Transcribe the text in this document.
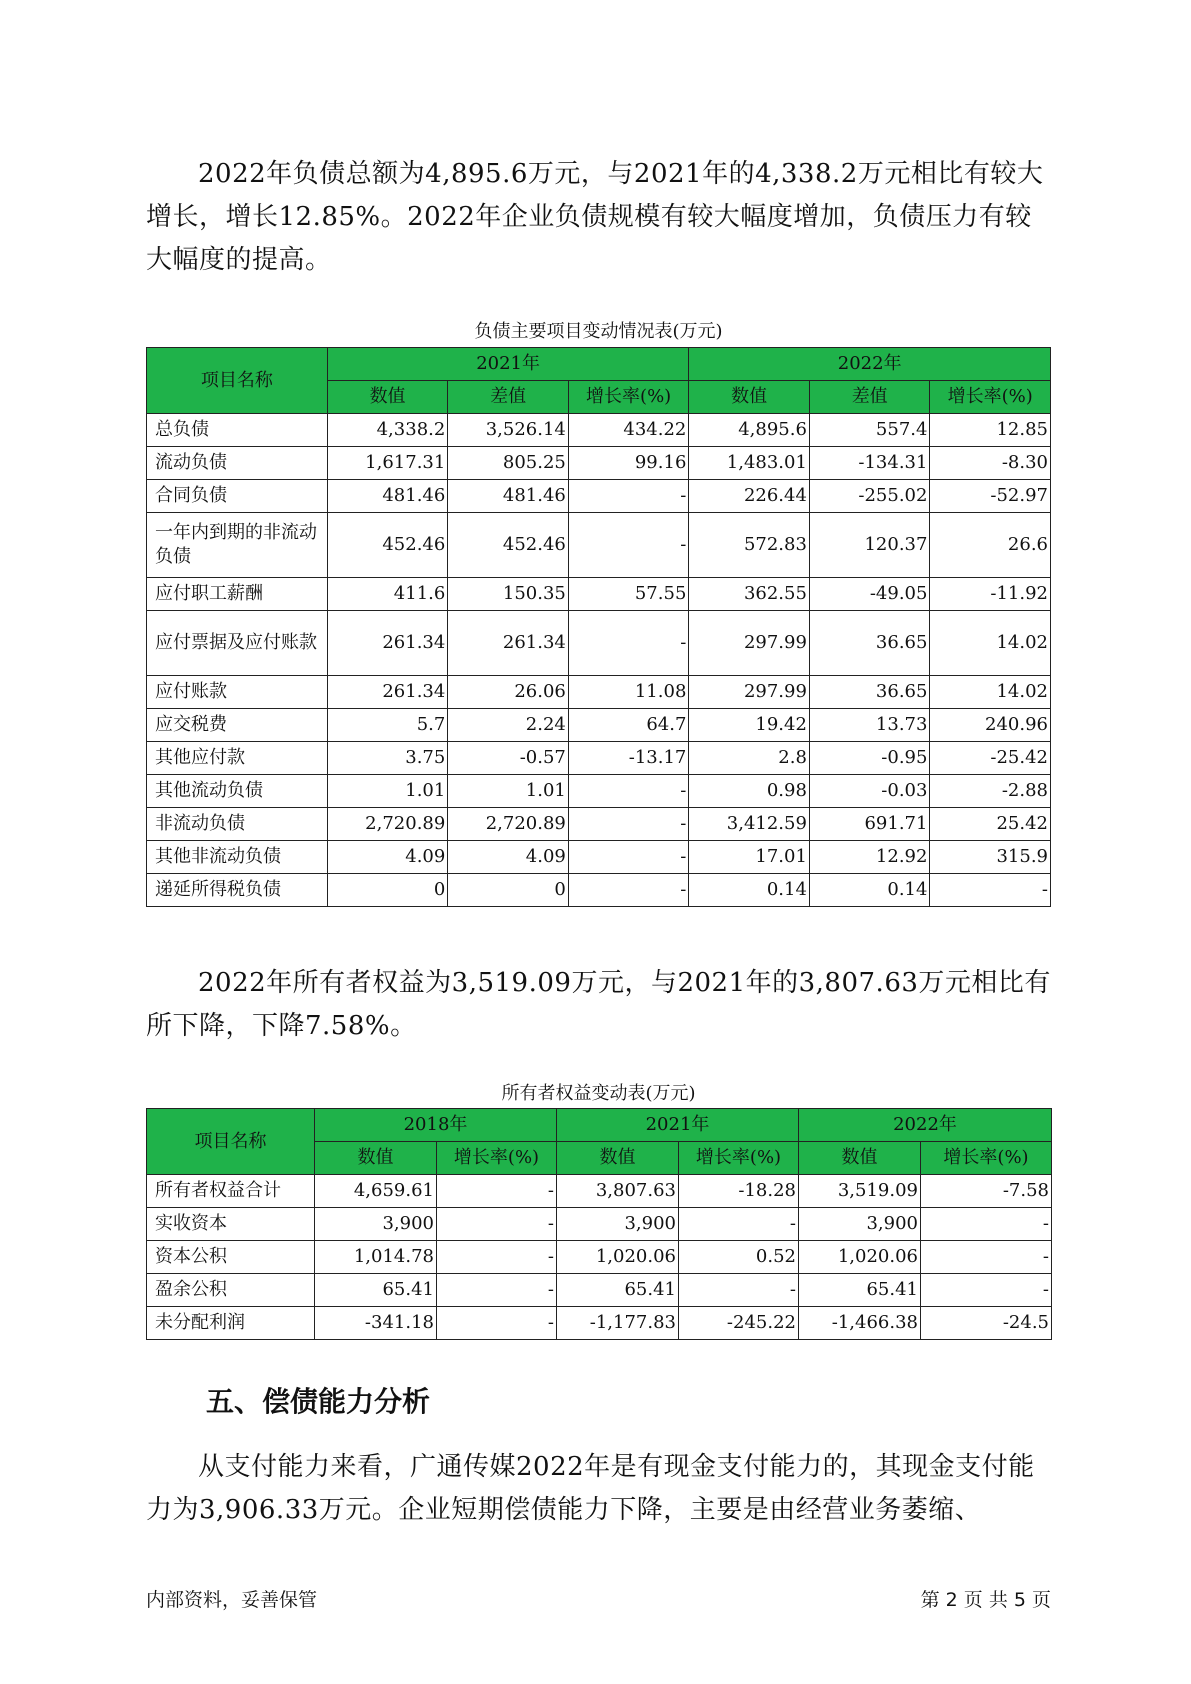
2022年负债总额为4,895.6万元，与2021年的4,338.2万元相比有较大增长，增长12.85%。2022年企业负债规模有较大幅度增加，负债压力有较大幅度的提高。

负债主要项目变动情况表(万元)
项目名称	2021年			2022年		
	数值	差值	增长率(%)	数值	差值	增长率(%)
总负债	4,338.2	3,526.14	434.22	4,895.6	557.4	12.85
流动负债	1,617.31	805.25	99.16	1,483.01	-134.31	-8.30
合同负债	481.46	481.46	-	226.44	-255.02	-52.97
一年内到期的非流动负债	452.46	452.46	-	572.83	120.37	26.6
应付职工薪酬	411.6	150.35	57.55	362.55	-49.05	-11.92
应付票据及应付账款	261.34	261.34	-	297.99	36.65	14.02
应付账款	261.34	26.06	11.08	297.99	36.65	14.02
应交税费	5.7	2.24	64.7	19.42	13.73	240.96
其他应付款	3.75	-0.57	-13.17	2.8	-0.95	-25.42
其他流动负债	1.01	1.01	-	0.98	-0.03	-2.88
非流动负债	2,720.89	2,720.89	-	3,412.59	691.71	25.42
其他非流动负债	4.09	4.09	-	17.01	12.92	315.9
递延所得税负债	0	0	-	0.14	0.14	-

2022年所有者权益为3,519.09万元，与2021年的3,807.63万元相比有所下降，下降7.58%。

所有者权益变动表(万元)
项目名称	2018年		2021年		2022年	
	数值	增长率(%)	数值	增长率(%)	数值	增长率(%)
所有者权益合计	4,659.61	-	3,807.63	-18.28	3,519.09	-7.58
实收资本	3,900	-	3,900	-	3,900	-
资本公积	1,014.78	-	1,020.06	0.52	1,020.06	-
盈余公积	65.41	-	65.41	-	65.41	-
未分配利润	-341.18	-	-1,177.83	-245.22	-1,466.38	-24.5
五、偿债能力分析

从支付能力来看，广通传媒2022年是有现金支付能力的，其现金支付能力为3,906.33万元。企业短期偿债能力下降，主要是由经营业务萎缩、

内部资料，妥善保管	第 2 页 共 5 页
